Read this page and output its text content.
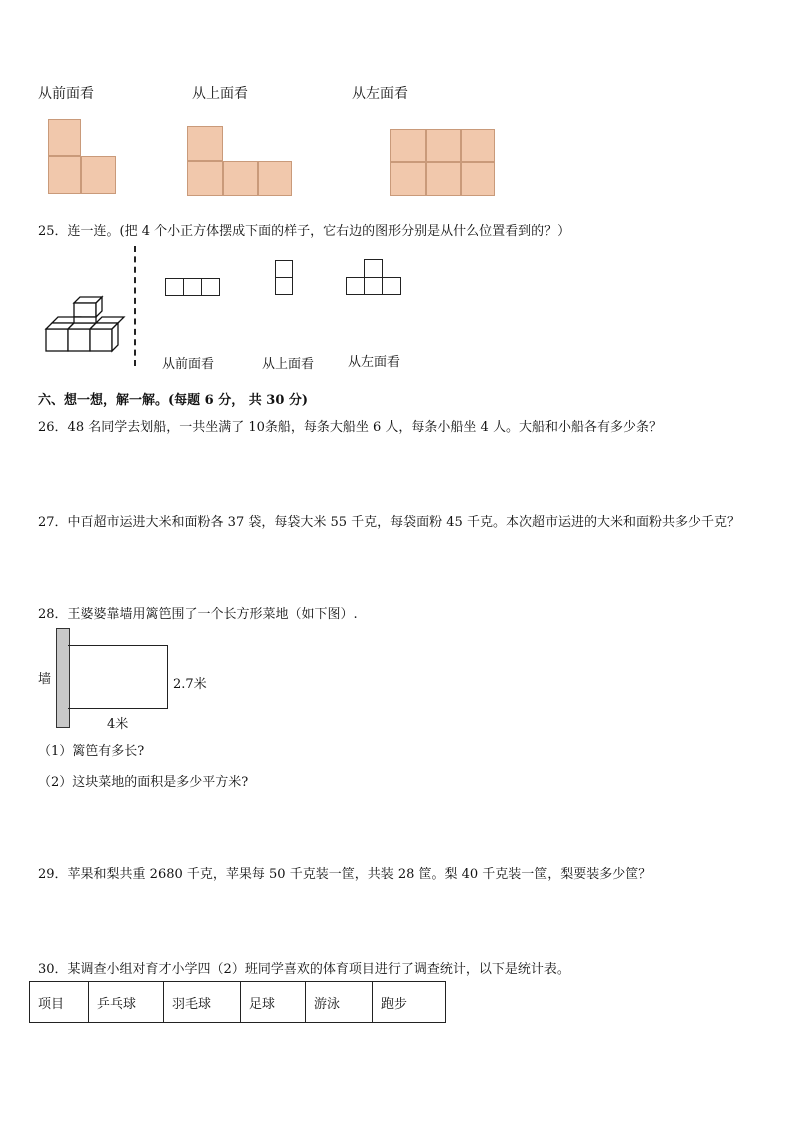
从前面看	从上面看	从左面看
25．连一连。(把 4 个小正方体摆成下面的样子，它右边的图形分别是从什么位置看到的？）
从前面看	从上面看	从左面看
六、想一想，解一解。(每题 6 分， 共 30 分)
26．48 名同学去划船，一共坐满了 10条船，每条大船坐 6 人，每条小船坐 4 人。大船和小船各有多少条？
27．中百超市运进大米和面粉各 37 袋，每袋大米 55 千克，每袋面粉 45 千克。本次超市运进的大米和面粉共多少千克？
28．王婆婆靠墙用篱笆围了一个长方形菜地（如下图）.
墙	2.7米
4米
（1）篱笆有多长?
（2）这块菜地的面积是多少平方米?
29．苹果和梨共重 2680 千克，苹果每 50 千克装一筐，共装 28 筐。梨 40 千克装一筐，梨要装多少筐？
30．某调查小组对育才小学四（2）班同学喜欢的体育项目进行了调查统计，以下是统计表。
项目	乒乓球	羽毛球	足球	游泳	跑步
